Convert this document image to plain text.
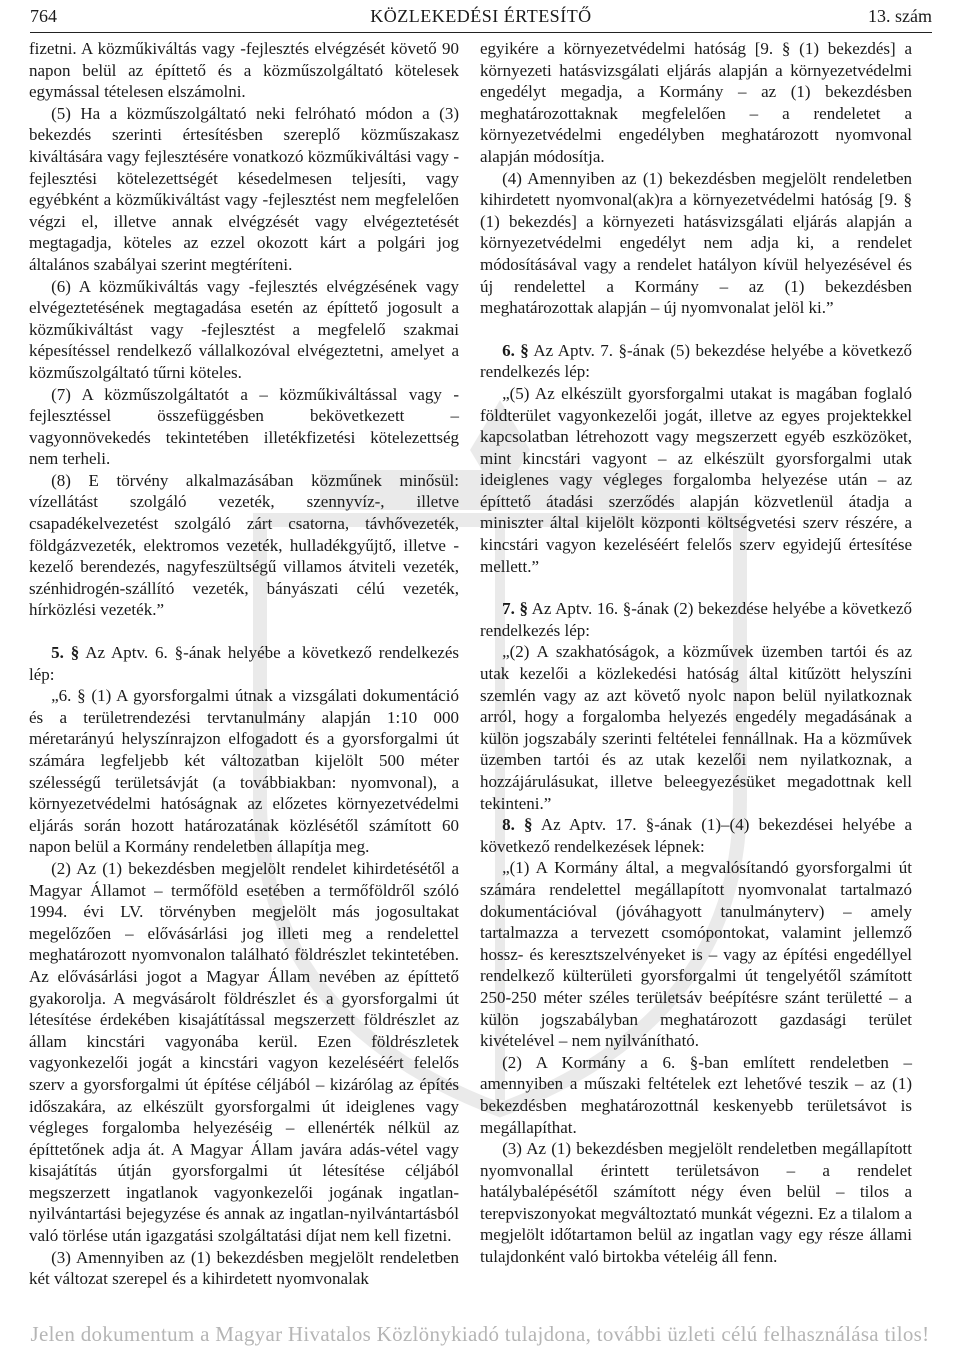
764	KÖZLEKEDÉSI ÉRTESÍTŐ	13. szám

fizetni. A közműkiváltás vagy -fejlesztés elvégzését követő 90 napon belül az építtető és a közműszolgáltató kötelesek egymással tételesen elszámolni.

(5) Ha a közműszolgáltató neki felróható módon a (3) bekezdés szerinti értesítésben szereplő közműszakasz kiváltására vagy fejlesztésére vonatkozó közműkiváltási vagy -fejlesztési kötelezettségét késedelmesen teljesíti, vagy egyébként a közműkiváltást vagy -fejlesztést nem megfelelően végzi el, illetve annak elvégzését vagy elvégeztetését megtagadja, köteles az ezzel okozott kárt a polgári jog általános szabályai szerint megtéríteni.

(6) A közműkiváltás vagy -fejlesztés elvégzésének vagy elvégeztetésének megtagadása esetén az építtető jogosult a közműkiváltást vagy -fejlesztést a megfelelő szakmai képesítéssel rendelkező vállalkozóval elvégeztetni, amelyet a közműszolgáltató tűrni köteles.

(7) A közműszolgáltatót a – közműkiváltással vagy -fejlesztéssel összefüggésben bekövetkezett – vagyonnövekedés tekintetében illetékfizetési kötelezettség nem terheli.

(8) E törvény alkalmazásában közműnek minősül: vízellátást szolgáló vezeték, szennyvíz-, illetve csapadékelvezetést szolgáló zárt csatorna, távhővezeték, földgázvezeték, elektromos vezeték, hulladékgyűjtő, illetve -kezelő berendezés, nagyfeszültségű villamos átviteli vezeték, szénhidrogén-szállító vezeték, bányászati célú vezeték, hírközlési vezeték.”

5. § Az Aptv. 6. §-ának helyébe a következő rendelkezés lép:

„6. § (1) A gyorsforgalmi útnak a vizsgálati dokumentáció és a területrendezési tervtanulmány alapján 1:10 000 méretarányú helyszínrajzon elfogadott és a gyorsforgalmi út számára legfeljebb két változatban kijelölt 500 méter szélességű területsávját (a továbbiakban: nyomvonal), a környezetvédelmi hatóságnak az előzetes környezetvédelmi eljárás során hozott határozatának közlésétől számított 60 napon belül a Kormány rendeletben állapítja meg.

(2) Az (1) bekezdésben megjelölt rendelet kihirdetésétől a Magyar Államot – termőföld esetében a termőföldről szóló 1994. évi LV. törvényben megjelölt más jogosultakat megelőzően – elővásárlási jog illeti meg a rendelettel meghatározott nyomvonalon található földrészlet tekintetében. Az elővásárlási jogot a Magyar Állam nevében az építtető gyakorolja. A megvásárolt földrészlet és a gyorsforgalmi út létesítése érdekében kisajátítással megszerzett földrészlet az állam kincstári vagyonába kerül. Ezen földrészletek vagyonkezelői jogát a kincstári vagyon kezeléséért felelős szerv a gyorsforgalmi út építése céljából – kizárólag az építés időszakára, az elkészült gyorsforgalmi út ideiglenes vagy végleges forgalomba helyezéséig – ellenérték nélkül az építtetőnek adja át. A Magyar Állam javára adás-vétel vagy kisajátítás útján gyorsforgalmi út létesítése céljából megszerzett ingatlanok vagyonkezelői jogának ingatlan-nyilvántartási bejegyzése és annak az ingatlan-nyilvántartásból való törlése után igazgatási szolgáltatási díjat nem kell fizetni.

(3) Amennyiben az (1) bekezdésben megjelölt rendeletben két változat szerepel és a kihirdetett nyomvonalak

egyikére a környezetvédelmi hatóság [9. § (1) bekezdés] a környezeti hatásvizsgálati eljárás alapján a környezetvédelmi engedélyt megadja, a Kormány – az (1) bekezdésben meghatározottaknak megfelelően – a rendeletet a környezetvédelmi engedélyben meghatározott nyomvonal alapján módosítja.

(4) Amennyiben az (1) bekezdésben megjelölt rendeletben kihirdetett nyomvonal(ak)ra a környezetvédelmi hatóság [9. § (1) bekezdés] a környezeti hatásvizsgálati eljárás alapján a környezetvédelmi engedélyt nem adja ki, a rendelet módosításával vagy a rendelet hatályon kívül helyezésével és új rendelettel a Kormány – az (1) bekezdésben meghatározottak alapján – új nyomvonalat jelöl ki.”

6. § Az Aptv. 7. §-ának (5) bekezdése helyébe a következő rendelkezés lép:

„(5) Az elkészült gyorsforgalmi utakat is magában foglaló földterület vagyonkezelői jogát, illetve az egyes projektekkel kapcsolatban létrehozott vagy megszerzett egyéb eszközöket, mint kincstári vagyont – az elkészült gyorsforgalmi utak ideiglenes vagy végleges forgalomba helyezése után – az építtető átadási szerződés alapján közvetlenül átadja a miniszter által kijelölt központi költségvetési szerv részére, a kincstári vagyon kezeléséért felelős szerv egyidejű értesítése mellett.”

7. § Az Aptv. 16. §-ának (2) bekezdése helyébe a következő rendelkezés lép:

„(2) A szakhatóságok, a közművek üzemben tartói és az utak kezelői a közlekedési hatóság által kitűzött helyszíni szemlén vagy az azt követő nyolc napon belül nyilatkoznak arról, hogy a forgalomba helyezés engedély megadásának a külön jogszabály szerinti feltételei fennállnak. Ha a közművek üzemben tartói és az utak kezelői nem nyilatkoznak, a hozzájárulásukat, illetve beleegyezésüket megadottnak kell tekinteni.”

8. § Az Aptv. 17. §-ának (1)–(4) bekezdései helyébe a következő rendelkezések lépnek:

„(1) A Kormány által, a megvalósítandó gyorsforgalmi út számára rendelettel megállapított nyomvonalat tartalmazó dokumentációval (jóváhagyott tanulmányterv) – amely tartalmazza a tervezett csomópontokat, valamint jellemző hossz- és keresztszelvényeket is – vagy az építési engedéllyel rendelkező külterületi gyorsforgalmi út tengelyétől számított 250-250 méter széles területsáv beépítésre szánt területté – a külön jogszabályban meghatározott gazdasági terület kivételével – nem nyilvánítható.

(2) A Kormány a 6. §-ban említett rendeletben – amennyiben a műszaki feltételek ezt lehetővé teszik – az (1) bekezdésben meghatározottnál keskenyebb területsávot is megállapíthat.

(3) Az (1) bekezdésben megjelölt rendeletben megállapított nyomvonallal érintett területsávon – a rendelet hatálybalépésétől számított négy éven belül – tilos a terepviszonyokat megváltoztató munkát végezni. Ez a tilalom a megjelölt időtartamon belül az ingatlan vagy egy része állami tulajdonként való birtokba vételéig áll fenn.

Jelen dokumentum a Magyar Hivatalos Közlönykiadó tulajdona, további üzleti célú felhasználása tilos!
